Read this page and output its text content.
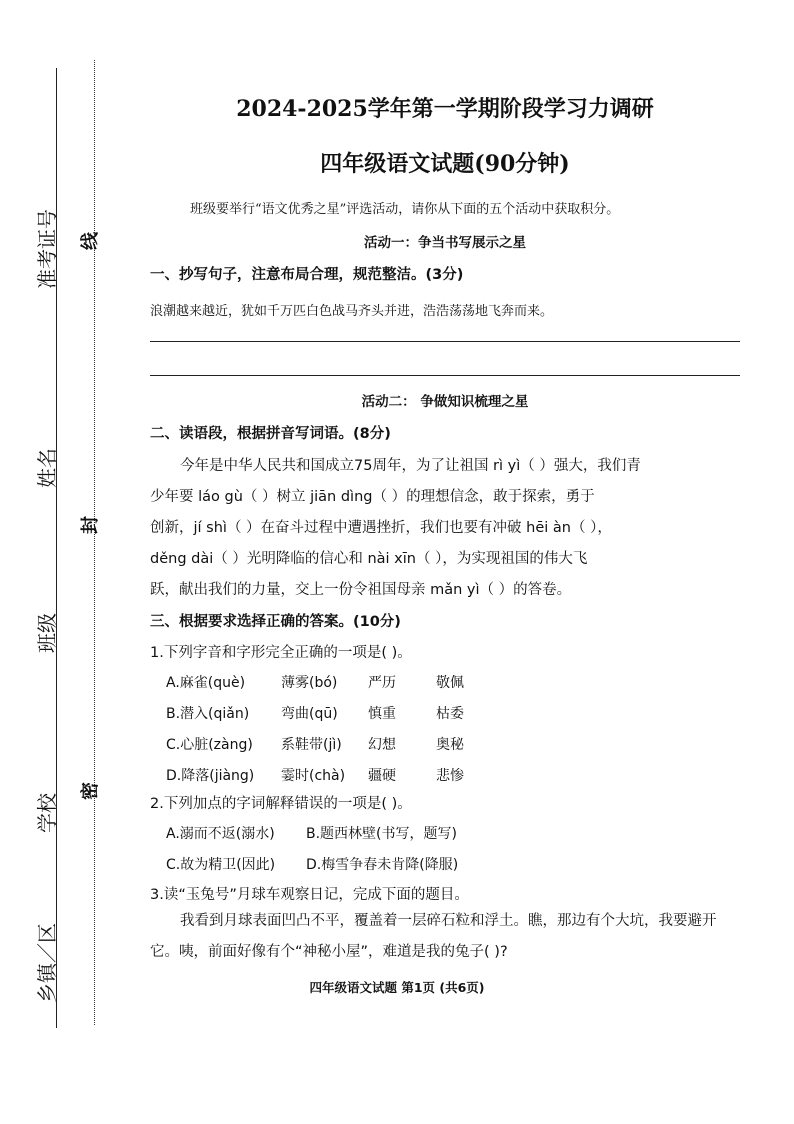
准考证号
姓名
班级
学校
乡镇／区
线
封
密
2024-2025学年第一学期阶段学习力调研
四年级语文试题(90分钟)
班级要举行“语文优秀之星”评选活动，请你从下面的五个活动中获取积分。
活动一：争当书写展示之星
一、抄写句子，注意布局合理，规范整洁。(3分)
浪潮越来越近，犹如千万匹白色战马齐头并进，浩浩荡荡地飞奔而来。
活动二： 争做知识梳理之星
二、读语段，根据拼音写词语。(8分)
今年是中华人民共和国成立75周年，为了让祖国 rì yì（ ）强大，我们青
少年要 láo gù（ ）树立 jiān dìng（ ）的理想信念，敢于探索，勇于
创新，jí shì（ ）在奋斗过程中遭遇挫折，我们也要有冲破 hēi àn（ ），
děng dài（ ）光明降临的信心和 nài xīn（ ），为实现祖国的伟大飞
跃，献出我们的力量，交上一份令祖国母亲 mǎn yì（ ）的答卷。
三、根据要求选择正确的答案。(10分)
1.下列字音和字形完全正确的一项是( )。
A.麻雀(què)	薄雾(bó)	严历	敬佩
B.潜入(qiǎn)	弯曲(qū)	慎重	枯委
C.心脏(zàng)	系鞋带(jì)	幻想	奥秘
D.降落(jiàng)	霎时(chà)	疆硬	悲惨
2.下列加点的字词解释错误的一项是( )。
A.溺而不返(溺水)	B.题西林壁(书写，题写)
C.故为精卫(因此)	D.梅雪争春未肯降(降服)
3.读“玉兔号”月球车观察日记，完成下面的题目。
我看到月球表面凹凸不平，覆盖着一层碎石粒和浮土。瞧，那边有个大坑，我要避开它。咦，前面好像有个“神秘小屋”，难道是我的兔子( )?
四年级语文试题 第1页 (共6页)
